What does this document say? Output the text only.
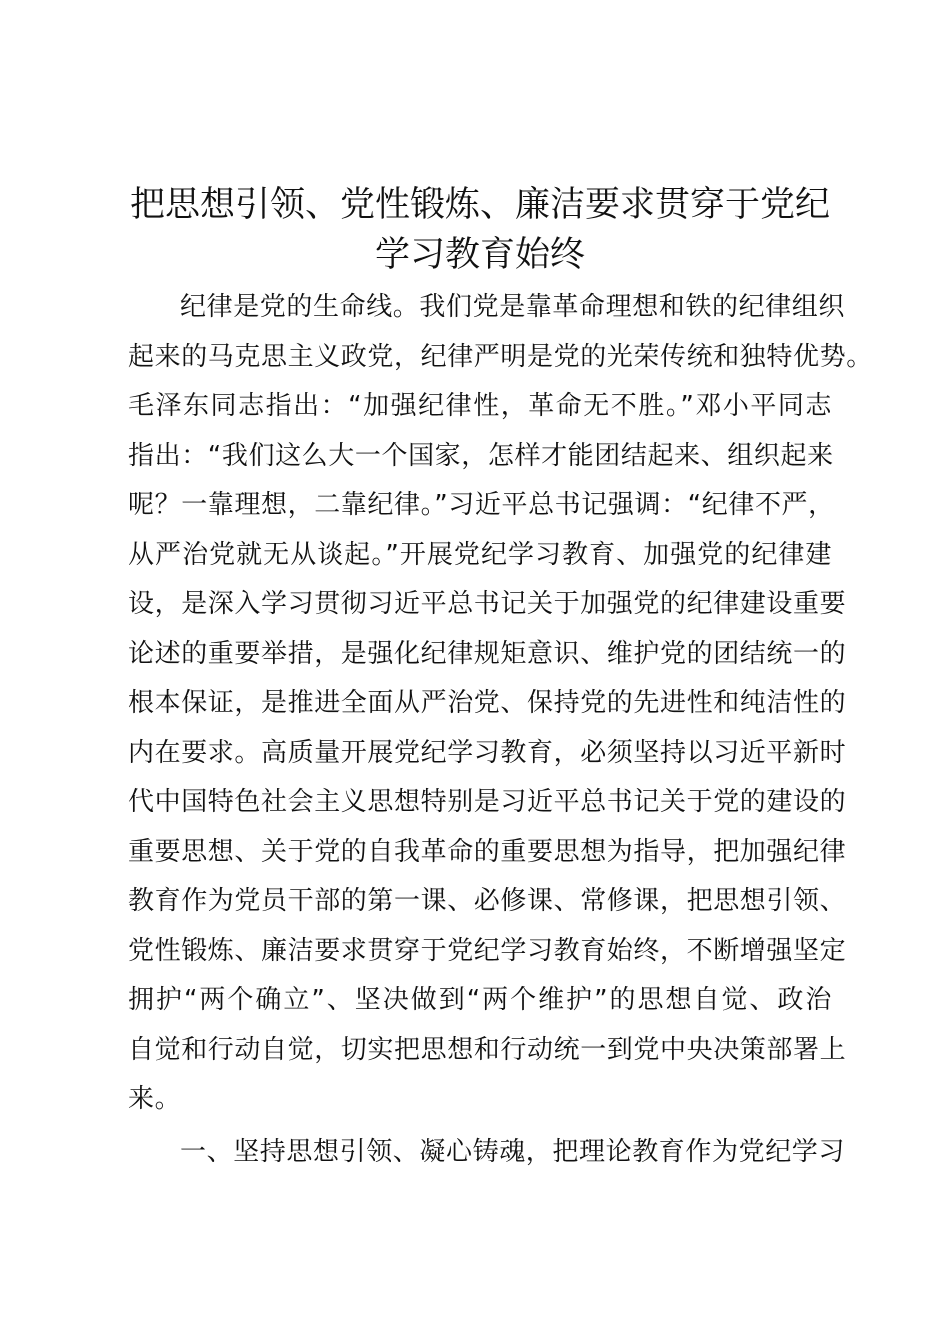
把思想引领、党性锻炼、廉洁要求贯穿于党纪
学习教育始终
纪律是党的生命线。我们党是靠革命理想和铁的纪律组织
起来的马克思主义政党，纪律严明是党的光荣传统和独特优势。
毛泽东同志指出：“加强纪律性，革命无不胜。”邓小平同志
指出：“我们这么大一个国家，怎样才能团结起来、组织起来
呢？一靠理想，二靠纪律。”习近平总书记强调：“纪律不严，
从严治党就无从谈起。”开展党纪学习教育、加强党的纪律建
设，是深入学习贯彻习近平总书记关于加强党的纪律建设重要
论述的重要举措，是强化纪律规矩意识、维护党的团结统一的
根本保证，是推进全面从严治党、保持党的先进性和纯洁性的
内在要求。高质量开展党纪学习教育，必须坚持以习近平新时
代中国特色社会主义思想特别是习近平总书记关于党的建设的
重要思想、关于党的自我革命的重要思想为指导，把加强纪律
教育作为党员干部的第一课、必修课、常修课，把思想引领、
党性锻炼、廉洁要求贯穿于党纪学习教育始终，不断增强坚定
拥护“两个确立”、坚决做到“两个维护”的思想自觉、政治
自觉和行动自觉，切实把思想和行动统一到党中央决策部署上
来。
一、坚持思想引领、凝心铸魂，把理论教育作为党纪学习
